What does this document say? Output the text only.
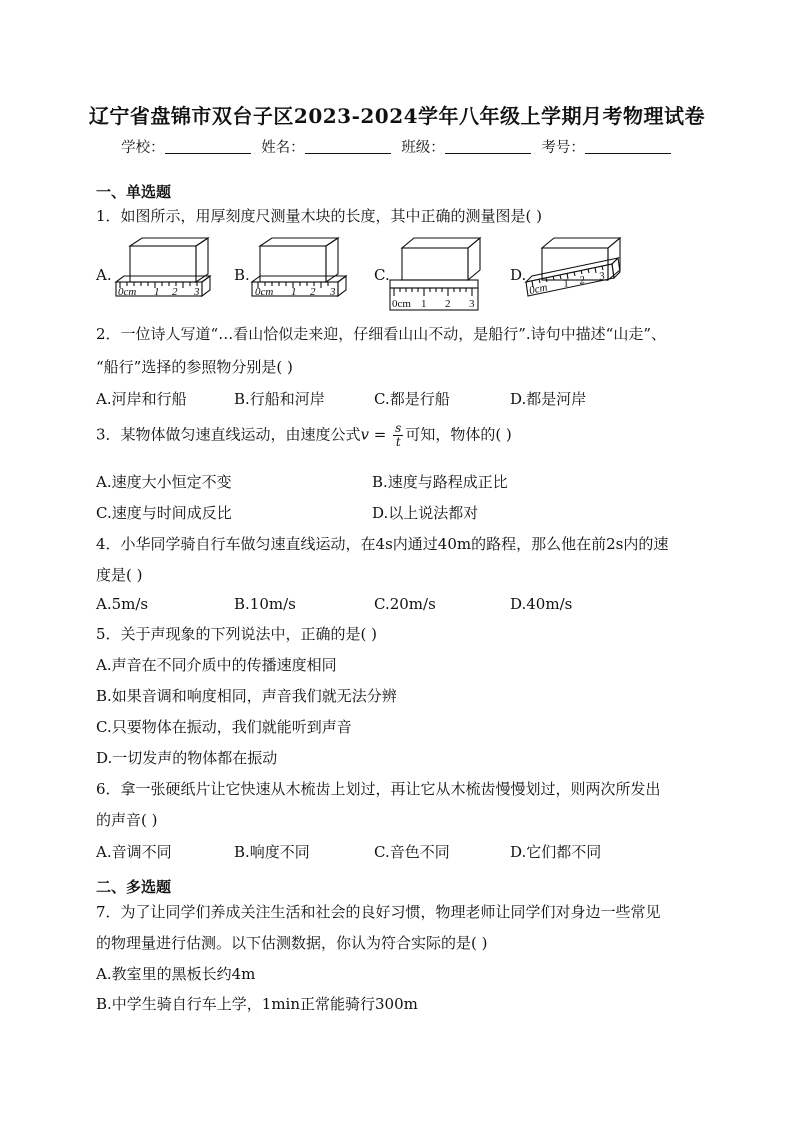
辽宁省盘锦市双台子区2023-2024学年八年级上学期月考物理试卷
学校：	姓名：	班级：	考号：
一、单选题
1．如图所示，用厚刻度尺测量木块的长度，其中正确的测量图是( )
A.
0cm 1 2 3
B.
0cm 1 2 3
C.
0cm 1 2 3
D.
0cm 1 2 3
2．一位诗人写道“…看山恰似走来迎，仔细看山山不动，是船行”.诗句中描述“山走”、
“船行”选择的参照物分别是( )
A.河岸和行船	B.行船和河岸	C.都是行船	D.都是河岸
3．某物体做匀速直线运动，由速度公式$v = \frac{s}{t}$ 可知，物体的( )
A.速度大小恒定不变	B.速度与路程成正比
C.速度与时间成反比	D.以上说法都对
4．小华同学骑自行车做匀速直线运动，在4s内通过40m的路程，那么他在前2s内的速
度是( )
A.5m/s	B.10m/s	C.20m/s	D.40m/s
5．关于声现象的下列说法中，正确的是( )
A.声音在不同介质中的传播速度相同
B.如果音调和响度相同，声音我们就无法分辨
C.只要物体在振动，我们就能听到声音
D.一切发声的物体都在振动
6．拿一张硬纸片让它快速从木梳齿上划过，再让它从木梳齿慢慢划过，则两次所发出
的声音( )
A.音调不同	B.响度不同	C.音色不同	D.它们都不同
二、多选题
7．为了让同学们养成关注生活和社会的良好习惯，物理老师让同学们对身边一些常见
的物理量进行估测。以下估测数据，你认为符合实际的是( )
A.教室里的黑板长约4m
B.中学生骑自行车上学，1min正常能骑行300m
